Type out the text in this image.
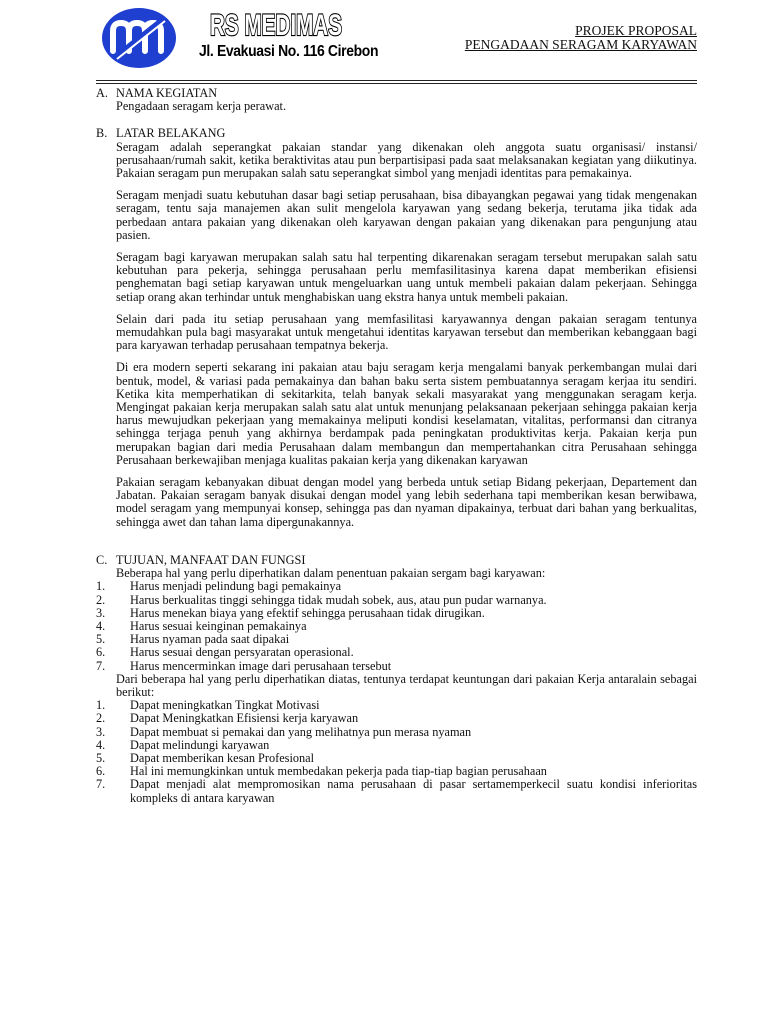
RS MEDIMAS
Jl. Evakuasi No. 116 Cirebon
PROJEK PROPOSAL
PENGADAAN SERAGAM KARYAWAN
A. NAMA KEGIATAN

Pengadaan seragam kerja perawat.

B. LATAR BELAKANG

Seragam adalah seperangkat pakaian standar yang dikenakan oleh anggota suatu organisasi/ instansi/ perusahaan/rumah sakit, ketika beraktivitas atau pun berpartisipasi pada saat melaksanakan kegiatan yang diikutinya. Pakaian seragam pun merupakan salah satu seperangkat simbol yang menjadi identitas para pemakainya.

Seragam menjadi suatu kebutuhan dasar bagi setiap perusahaan, bisa dibayangkan pegawai yang tidak mengenakan seragam, tentu saja manajemen akan sulit mengelola karyawan yang sedang bekerja, terutama jika tidak ada perbedaan antara pakaian yang dikenakan oleh karyawan dengan pakaian yang dikenakan para pengunjung atau pasien.

Seragam bagi karyawan merupakan salah satu hal terpenting dikarenakan seragam tersebut merupakan salah satu kebutuhan para pekerja, sehingga perusahaan perlu memfasilitasinya karena dapat memberikan efisiensi penghematan bagi setiap karyawan untuk mengeluarkan uang untuk membeli pakaian dalam pekerjaan. Sehingga setiap orang akan terhindar untuk menghabiskan uang ekstra hanya untuk membeli pakaian.

Selain dari pada itu setiap perusahaan yang memfasilitasi karyawannya dengan pakaian seragam tentunya memudahkan pula bagi masyarakat untuk mengetahui identitas karyawan tersebut dan memberikan kebanggaan bagi para karyawan terhadap perusahaan tempatnya bekerja.

Di era modern seperti sekarang ini pakaian atau baju seragam kerja mengalami banyak perkembangan mulai dari bentuk, model, & variasi pada pemakainya dan bahan baku serta sistem pembuatannya seragam kerjaa itu sendiri. Ketika kita memperhatikan di sekitarkita, telah banyak sekali masyarakat yang menggunakan seragam kerja. Mengingat pakaian kerja merupakan salah satu alat untuk menunjang pelaksanaan pekerjaan sehingga pakaian kerja harus mewujudkan pekerjaan yang memakainya meliputi kondisi keselamatan, vitalitas, performansi dan citranya sehingga terjaga penuh yang akhirnya berdampak pada peningkatan produktivitas kerja. Pakaian kerja pun merupakan bagian dari media Perusahaan dalam membangun dan mempertahankan citra Perusahaan sehingga Perusahaan berkewajiban menjaga kualitas pakaian kerja yang dikenakan karyawan

Pakaian seragam kebanyakan dibuat dengan model yang berbeda untuk setiap Bidang pekerjaan, Departement dan Jabatan. Pakaian seragam banyak disukai dengan model yang lebih sederhana tapi memberikan kesan berwibawa, model seragam yang mempunyai konsep, sehingga pas dan nyaman dipakainya, terbuat dari bahan yang berkualitas, sehingga awet dan tahan lama dipergunakannya.

C. TUJUAN, MANFAAT DAN FUNGSI

Beberapa hal yang perlu diperhatikan dalam penentuan pakaian sergam bagi karyawan:

1.	Harus menjadi pelindung bagi pemakainya
2.	Harus berkualitas tinggi sehingga tidak mudah sobek, aus, atau pun pudar warnanya.
3.	Harus menekan biaya yang efektif sehingga perusahaan tidak dirugikan.
4.	Harus sesuai keinginan pemakainya
5.	Harus nyaman pada saat dipakai
6.	Harus sesuai dengan persyaratan operasional.
7.	Harus mencerminkan image dari perusahaan tersebut

Dari beberapa hal yang perlu diperhatikan diatas, tentunya terdapat keuntungan dari pakaian Kerja antaralain sebagai berikut:

1.	Dapat meningkatkan Tingkat Motivasi
2.	Dapat Meningkatkan Efisiensi kerja karyawan
3.	Dapat membuat si pemakai dan yang melihatnya pun merasa nyaman
4.	Dapat melindungi karyawan
5.	Dapat memberikan kesan Profesional
6.	Hal ini memungkinkan untuk membedakan pekerja pada tiap-tiap bagian perusahaan
7.	Dapat menjadi alat mempromosikan nama perusahaan di pasar sertamemperkecil suatu kondisi inferioritas kompleks di antara karyawan
